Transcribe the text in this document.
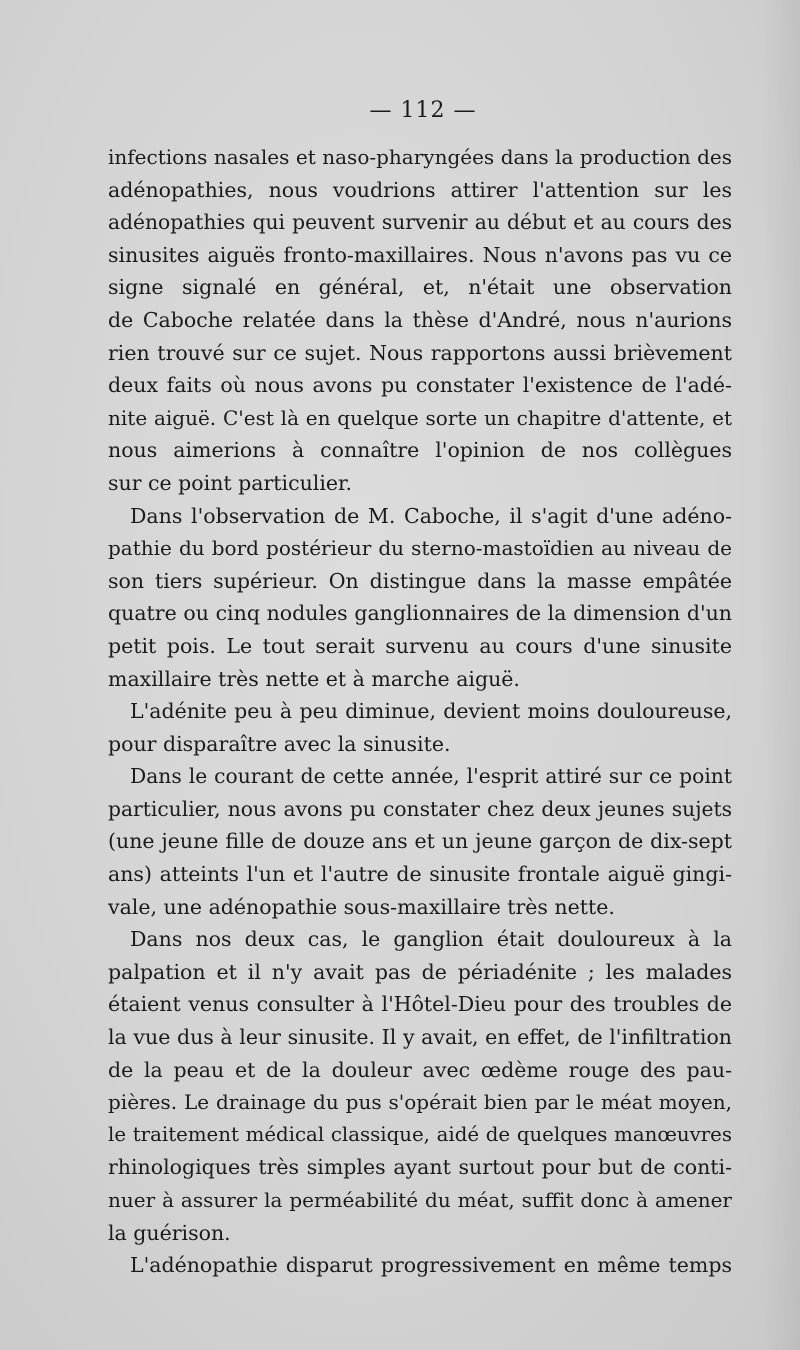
— 112 —
infections nasales et naso-pharyngées dans la production des
adénopathies, nous voudrions attirer l'attention sur les
adénopathies qui peuvent survenir au début et au cours des
sinusites aiguës fronto-maxillaires. Nous n'avons pas vu ce
signe signalé en général, et, n'était une observation
de Caboche relatée dans la thèse d'André, nous n'aurions
rien trouvé sur ce sujet. Nous rapportons aussi brièvement
deux faits où nous avons pu constater l'existence de l'adé-
nite aiguë. C'est là en quelque sorte un chapitre d'attente, et
nous aimerions à connaître l'opinion de nos collègues
sur ce point particulier.
Dans l'observation de M. Caboche, il s'agit d'une adéno-
pathie du bord postérieur du sterno-mastoïdien au niveau de
son tiers supérieur. On distingue dans la masse empâtée
quatre ou cinq nodules ganglionnaires de la dimension d'un
petit pois. Le tout serait survenu au cours d'une sinusite
maxillaire très nette et à marche aiguë.
L'adénite peu à peu diminue, devient moins douloureuse,
pour disparaître avec la sinusite.
Dans le courant de cette année, l'esprit attiré sur ce point
particulier, nous avons pu constater chez deux jeunes sujets
(une jeune fille de douze ans et un jeune garçon de dix-sept
ans) atteints l'un et l'autre de sinusite frontale aiguë gingi-
vale, une adénopathie sous-maxillaire très nette.
Dans nos deux cas, le ganglion était douloureux à la
palpation et il n'y avait pas de périadénite ; les malades
étaient venus consulter à l'Hôtel-Dieu pour des troubles de
la vue dus à leur sinusite. Il y avait, en effet, de l'infiltration
de la peau et de la douleur avec œdème rouge des pau-
pières. Le drainage du pus s'opérait bien par le méat moyen,
le traitement médical classique, aidé de quelques manœuvres
rhinologiques très simples ayant surtout pour but de conti-
nuer à assurer la perméabilité du méat, suffit donc à amener
la guérison.
L'adénopathie disparut progressivement en même temps
